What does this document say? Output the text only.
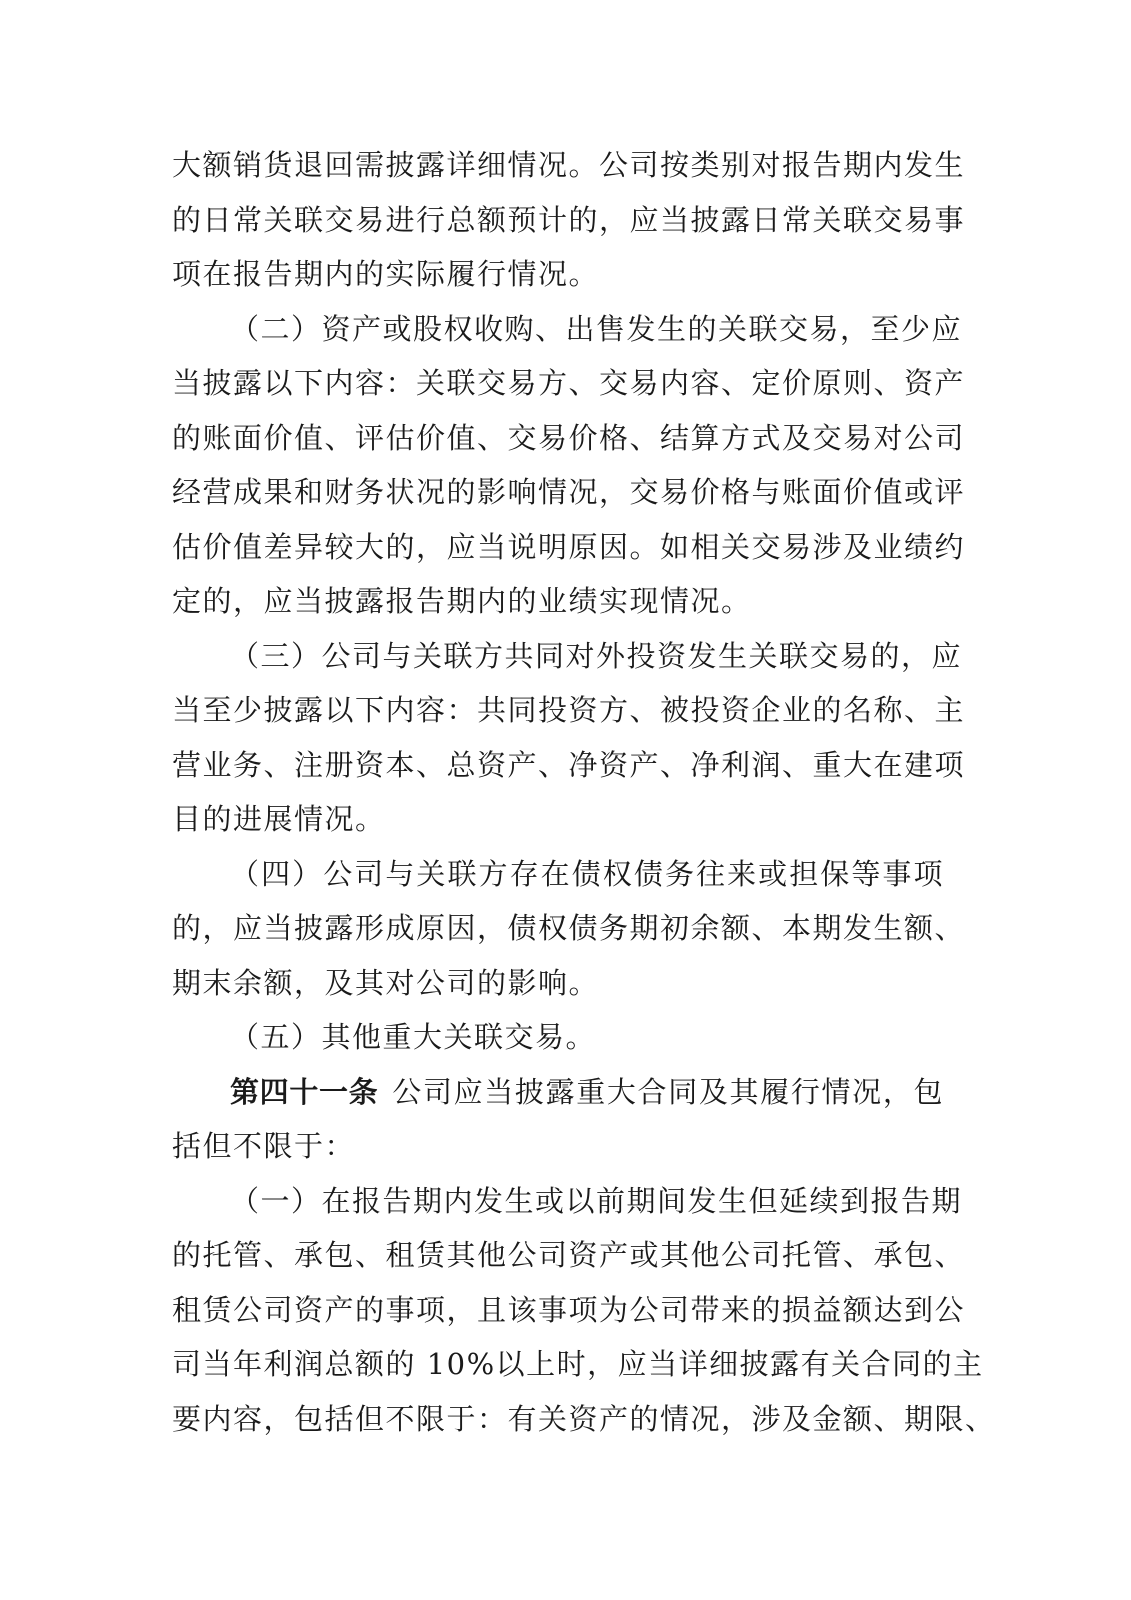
大额销货退回需披露详细情况。公司按类别对报告期内发生
的日常关联交易进行总额预计的，应当披露日常关联交易事
项在报告期内的实际履行情况。
（二）资产或股权收购、出售发生的关联交易，至少应
当披露以下内容：关联交易方、交易内容、定价原则、资产
的账面价值、评估价值、交易价格、结算方式及交易对公司
经营成果和财务状况的影响情况，交易价格与账面价值或评
估价值差异较大的，应当说明原因。如相关交易涉及业绩约
定的，应当披露报告期内的业绩实现情况。
（三）公司与关联方共同对外投资发生关联交易的，应
当至少披露以下内容：共同投资方、被投资企业的名称、主
营业务、注册资本、总资产、净资产、净利润、重大在建项
目的进展情况。
（四）公司与关联方存在债权债务往来或担保等事项
的，应当披露形成原因，债权债务期初余额、本期发生额、
期末余额，及其对公司的影响。
（五）其他重大关联交易。
第四十一条 公司应当披露重大合同及其履行情况，包
括但不限于：
（一）在报告期内发生或以前期间发生但延续到报告期
的托管、承包、租赁其他公司资产或其他公司托管、承包、
租赁公司资产的事项，且该事项为公司带来的损益额达到公
司当年利润总额的 10%以上时，应当详细披露有关合同的主
要内容，包括但不限于：有关资产的情况，涉及金额、期限、
